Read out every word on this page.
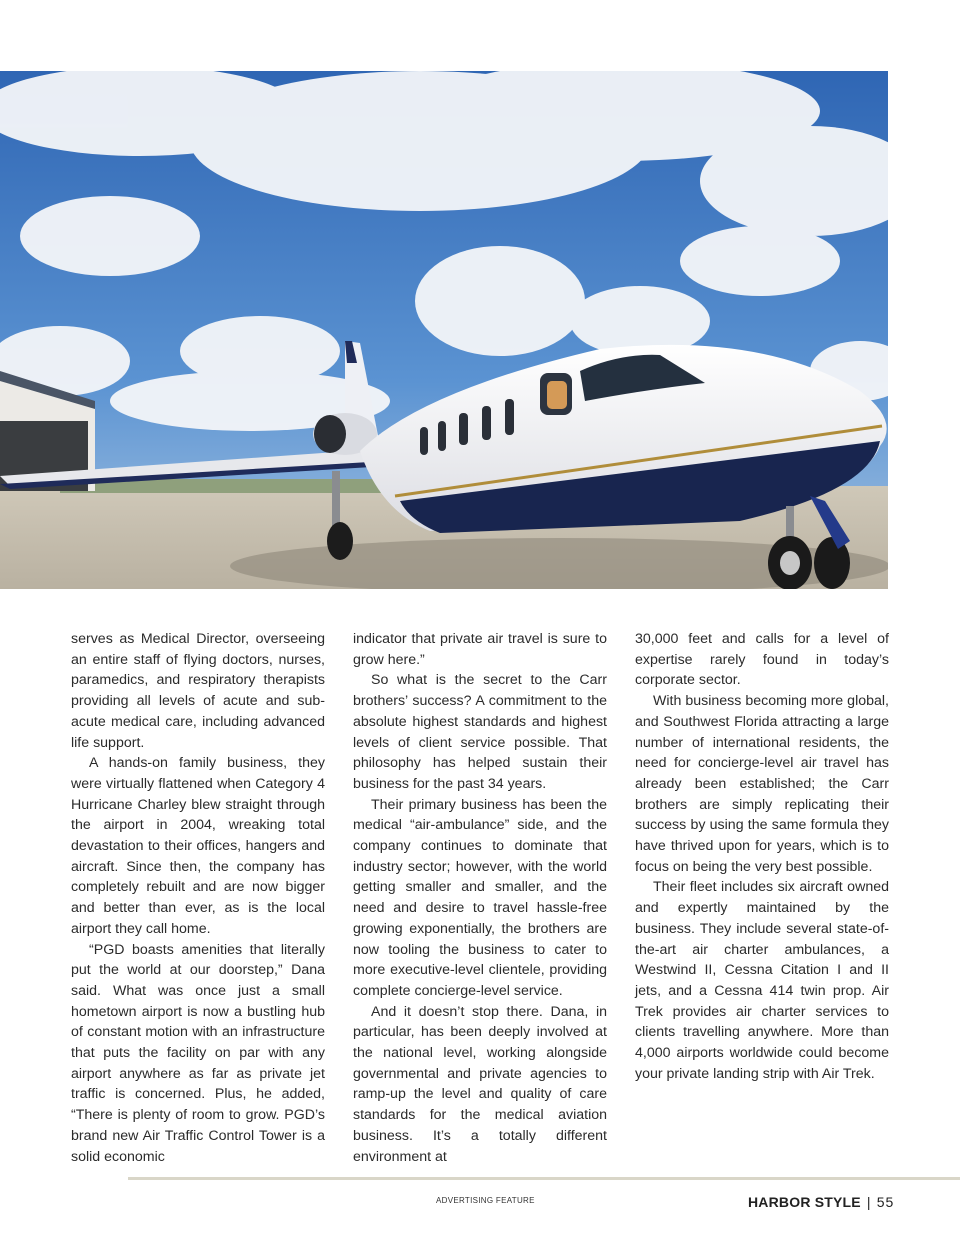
serves as Medical Director, overseeing an entire staff of flying doctors, nurses, paramedics, and respiratory therapists providing all levels of acute and sub-acute medical care, including advanced life support.

A hands-on family business, they were virtually flattened when Category 4 Hurricane Charley blew straight through the airport in 2004, wreaking total devastation to their offices, hangers and aircraft. Since then, the company has completely rebuilt and are now bigger and better than ever, as is the local airport they call home.

“PGD boasts amenities that literally put the world at our doorstep,” Dana said. What was once just a small hometown airport is now a bustling hub of constant motion with an infrastructure that puts the facility on par with any airport anywhere as far as private jet traffic is concerned. Plus, he added, “There is plenty of room to grow. PGD’s brand new Air Traffic Control Tower is a solid economic

indicator that private air travel is sure to grow here.”

So what is the secret to the Carr brothers’ success? A commitment to the absolute highest standards and highest levels of client service possible. That philosophy has helped sustain their business for the past 34 years.

Their primary business has been the medical “air-ambulance” side, and the company continues to dominate that industry sector; however, with the world getting smaller and smaller, and the need and desire to travel hassle-free growing exponentially, the brothers are now tooling the business to cater to more executive-level clientele, providing complete concierge-level service.

And it doesn’t stop there. Dana, in particular, has been deeply involved at the national level, working alongside governmental and private agencies to ramp-up the level and quality of care standards for the medical aviation business. It’s a totally different environment at

30,000 feet and calls for a level of expertise rarely found in today’s corporate sector.

With business becoming more global, and Southwest Florida attracting a large number of international residents, the need for concierge-level air travel has already been established; the Carr brothers are simply replicating their success by using the same formula they have thrived upon for years, which is to focus on being the very best possible.

Their fleet includes six aircraft owned and expertly maintained by the business. They include several state-of-the-art air charter ambulances, a Westwind II, Cessna Citation I and II jets, and a Cessna 414 twin prop. Air Trek provides air charter services to clients travelling anywhere. More than 4,000 airports worldwide could become your private landing strip with Air Trek.

ADVERTISING FEATURE	HARBOR STYLE | 55
